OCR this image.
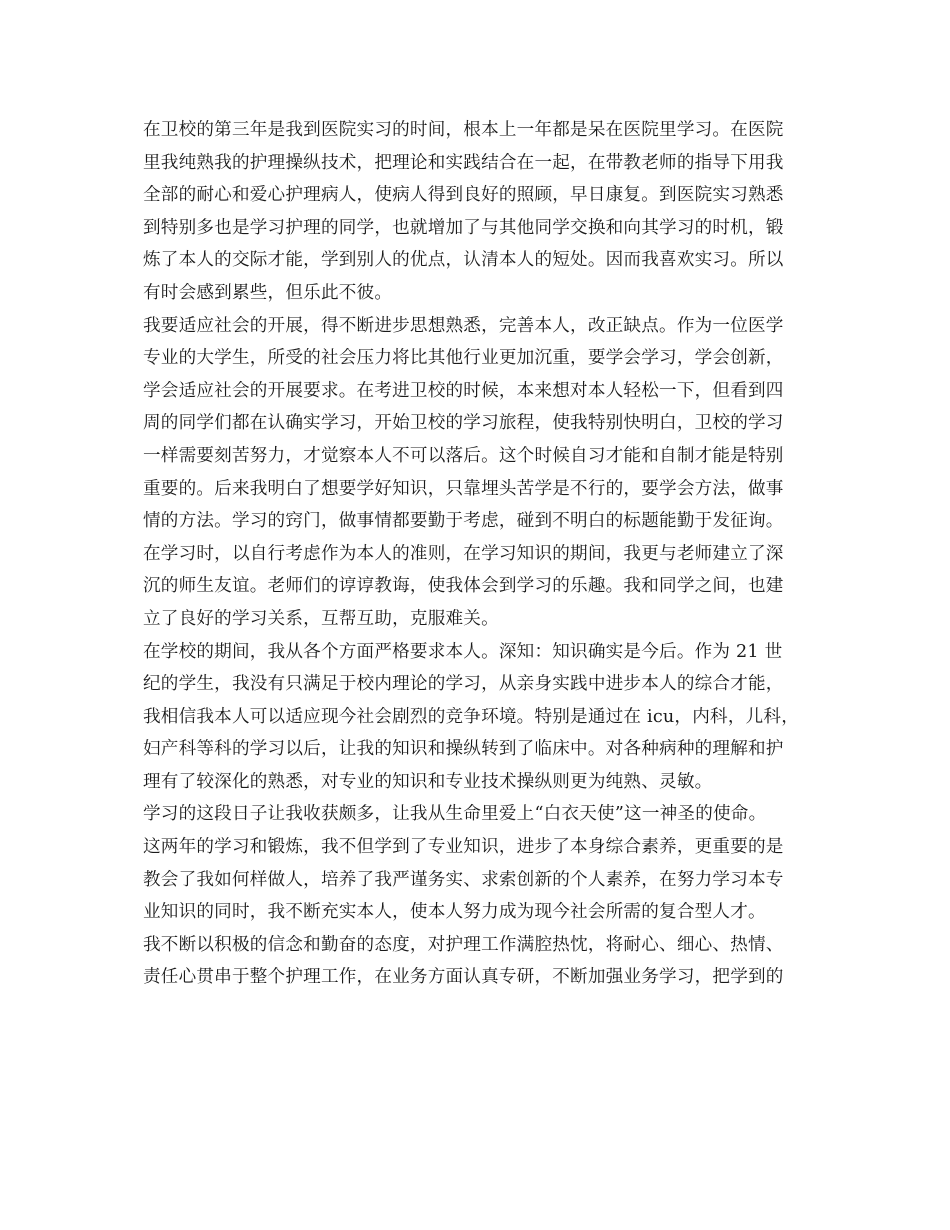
在卫校的第三年是我到医院实习的时间，根本上一年都是呆在医院里学习。在医院
里我纯熟我的护理操纵技术，把理论和实践结合在一起，在带教老师的指导下用我
全部的耐心和爱心护理病人，使病人得到良好的照顾，早日康复。到医院实习熟悉
到特别多也是学习护理的同学，也就增加了与其他同学交换和向其学习的时机，锻
炼了本人的交际才能，学到别人的优点，认清本人的短处。因而我喜欢实习。所以
有时会感到累些，但乐此不彼。
我要适应社会的开展，得不断进步思想熟悉，完善本人，改正缺点。作为一位医学
专业的大学生，所受的社会压力将比其他行业更加沉重，要学会学习，学会创新，
学会适应社会的开展要求。在考进卫校的时候，本来想对本人轻松一下，但看到四
周的同学们都在认确实学习，开始卫校的学习旅程，使我特别快明白，卫校的学习
一样需要刻苦努力，才觉察本人不可以落后。这个时候自习才能和自制才能是特别
重要的。后来我明白了想要学好知识，只靠埋头苦学是不行的，要学会方法，做事
情的方法。学习的窍门，做事情都要勤于考虑，碰到不明白的标题能勤于发征询。
在学习时，以自行考虑作为本人的准则，在学习知识的期间，我更与老师建立了深
沉的师生友谊。老师们的谆谆教诲，使我体会到学习的乐趣。我和同学之间，也建
立了良好的学习关系，互帮互助，克服难关。
在学校的期间，我从各个方面严格要求本人。深知：知识确实是今后。作为 21 世
纪的学生，我没有只满足于校内理论的学习，从亲身实践中进步本人的综合才能，
我相信我本人可以适应现今社会剧烈的竞争环境。特别是通过在 icu，内科，儿科，
妇产科等科的学习以后，让我的知识和操纵转到了临床中。对各种病种的理解和护
理有了较深化的熟悉，对专业的知识和专业技术操纵则更为纯熟、灵敏。
学习的这段日子让我收获颇多，让我从生命里爱上“白衣天使”这一神圣的使命。
这两年的学习和锻炼，我不但学到了专业知识，进步了本身综合素养，更重要的是
教会了我如何样做人，培养了我严谨务实、求索创新的个人素养，在努力学习本专
业知识的同时，我不断充实本人，使本人努力成为现今社会所需的复合型人才。
我不断以积极的信念和勤奋的态度，对护理工作满腔热忱，将耐心、细心、热情、
责任心贯串于整个护理工作，在业务方面认真专研，不断加强业务学习，把学到的
